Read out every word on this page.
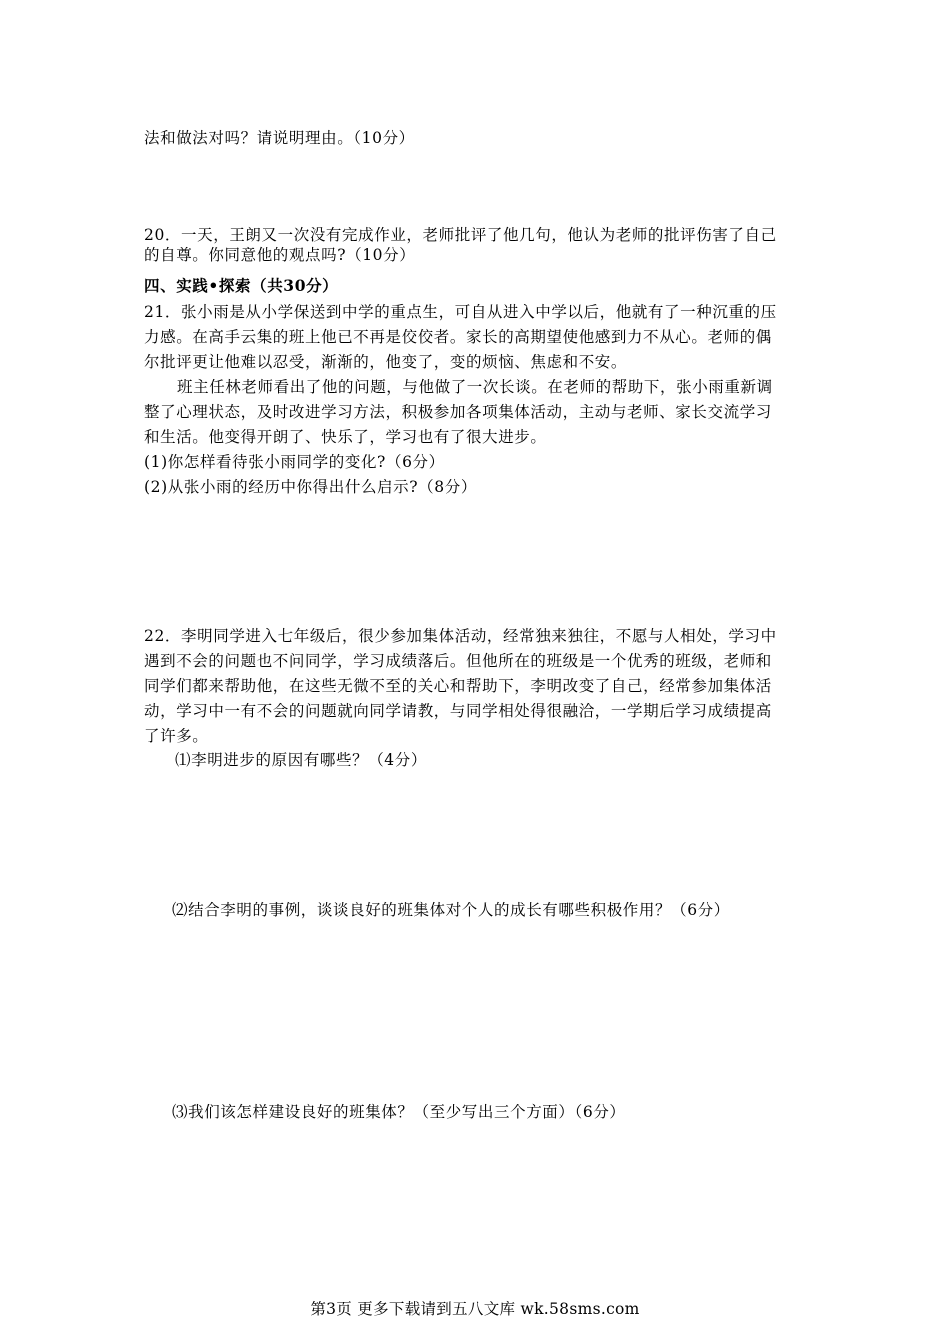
法和做法对吗？请说明理由。（10分）
20．一天，王朗又一次没有完成作业，老师批评了他几句，他认为老师的批评伤害了自己
的自尊。你同意他的观点吗?（10分）
四、实践•探索（共30分）
21．张小雨是从小学保送到中学的重点生，可自从进入中学以后，他就有了一种沉重的压
力感。在高手云集的班上他已不再是佼佼者。家长的高期望使他感到力不从心。老师的偶
尔批评更让他难以忍受，渐渐的，他变了，变的烦恼、焦虑和不安。
班主任林老师看出了他的问题，与他做了一次长谈。在老师的帮助下，张小雨重新调
整了心理状态，及时改进学习方法，积极参加各项集体活动，主动与老师、家长交流学习
和生活。他变得开朗了、快乐了，学习也有了很大进步。
(1)你怎样看待张小雨同学的变化?（6分）
(2)从张小雨的经历中你得出什么启示?（8分）
22．李明同学进入七年级后，很少参加集体活动，经常独来独往，不愿与人相处，学习中
遇到不会的问题也不问同学，学习成绩落后。但他所在的班级是一个优秀的班级，老师和
同学们都来帮助他，在这些无微不至的关心和帮助下，李明改变了自己，经常参加集体活
动，学习中一有不会的问题就向同学请教，与同学相处得很融洽，一学期后学习成绩提高
了许多。
⑴李明进步的原因有哪些？（4分）
⑵结合李明的事例，谈谈良好的班集体对个人的成长有哪些积极作用？（6分）
⑶我们该怎样建设良好的班集体？（至少写出三个方面）（6分）
第3页 更多下载请到五八文库 wk.58sms.com
